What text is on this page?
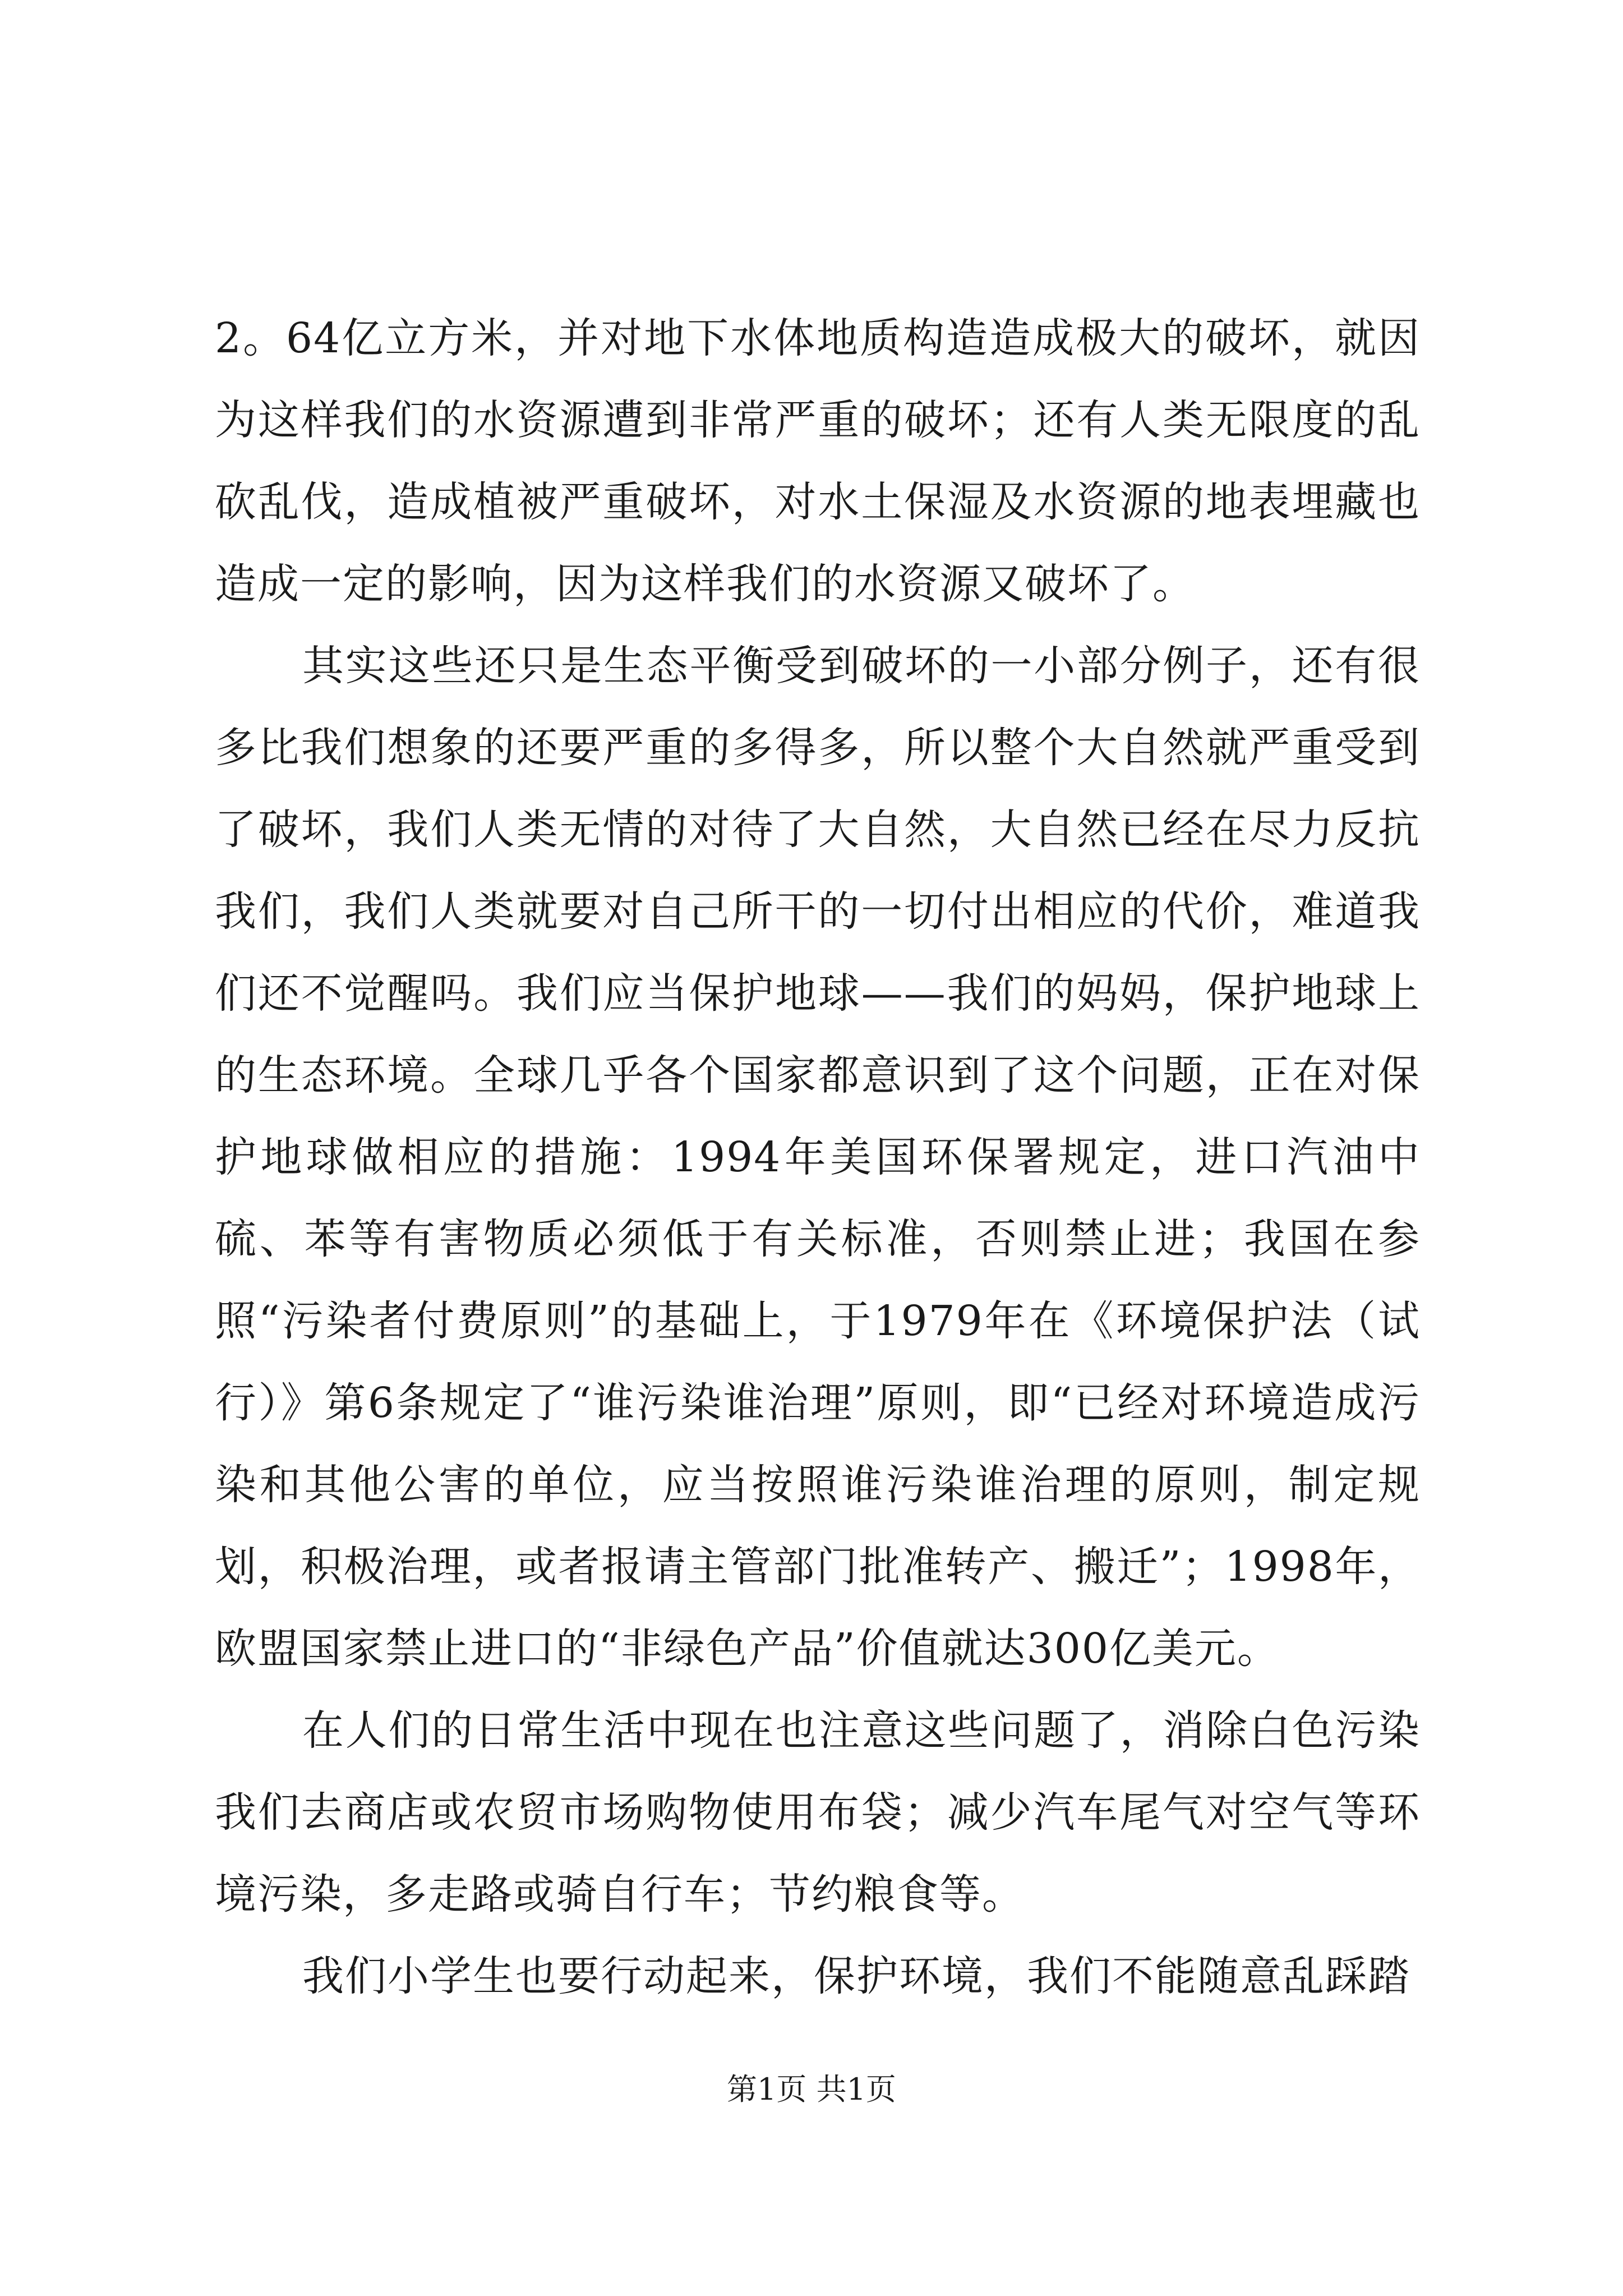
2。64亿立方米，并对地下水体地质构造造成极大的破坏，就因为这样我们的水资源遭到非常严重的破坏；还有人类无限度的乱砍乱伐，造成植被严重破坏，对水土保湿及水资源的地表埋藏也造成一定的影响，因为这样我们的水资源又破坏了。

其实这些还只是生态平衡受到破坏的一小部分例子，还有很多比我们想象的还要严重的多得多，所以整个大自然就严重受到了破坏，我们人类无情的对待了大自然，大自然已经在尽力反抗我们，我们人类就要对自己所干的一切付出相应的代价，难道我们还不觉醒吗。我们应当保护地球——我们的妈妈，保护地球上的生态环境。全球几乎各个国家都意识到了这个问题，正在对保护地球做相应的措施：1994年美国环保署规定，进口汽油中硫、苯等有害物质必须低于有关标准，否则禁止进；我国在参照“污染者付费原则”的基础上，于1979年在《环境保护法（试行）》第6条规定了“谁污染谁治理”原则，即“已经对环境造成污染和其他公害的单位，应当按照谁污染谁治理的原则，制定规划，积极治理，或者报请主管部门批准转产、搬迁”；1998年，欧盟国家禁止进口的“非绿色产品”价值就达300亿美元。

在人们的日常生活中现在也注意这些问题了，消除白色污染我们去商店或农贸市场购物使用布袋；减少汽车尾气对空气等环境污染，多走路或骑自行车；节约粮食等。

我们小学生也要行动起来，保护环境，我们不能随意乱踩踏

第1页 共1页
